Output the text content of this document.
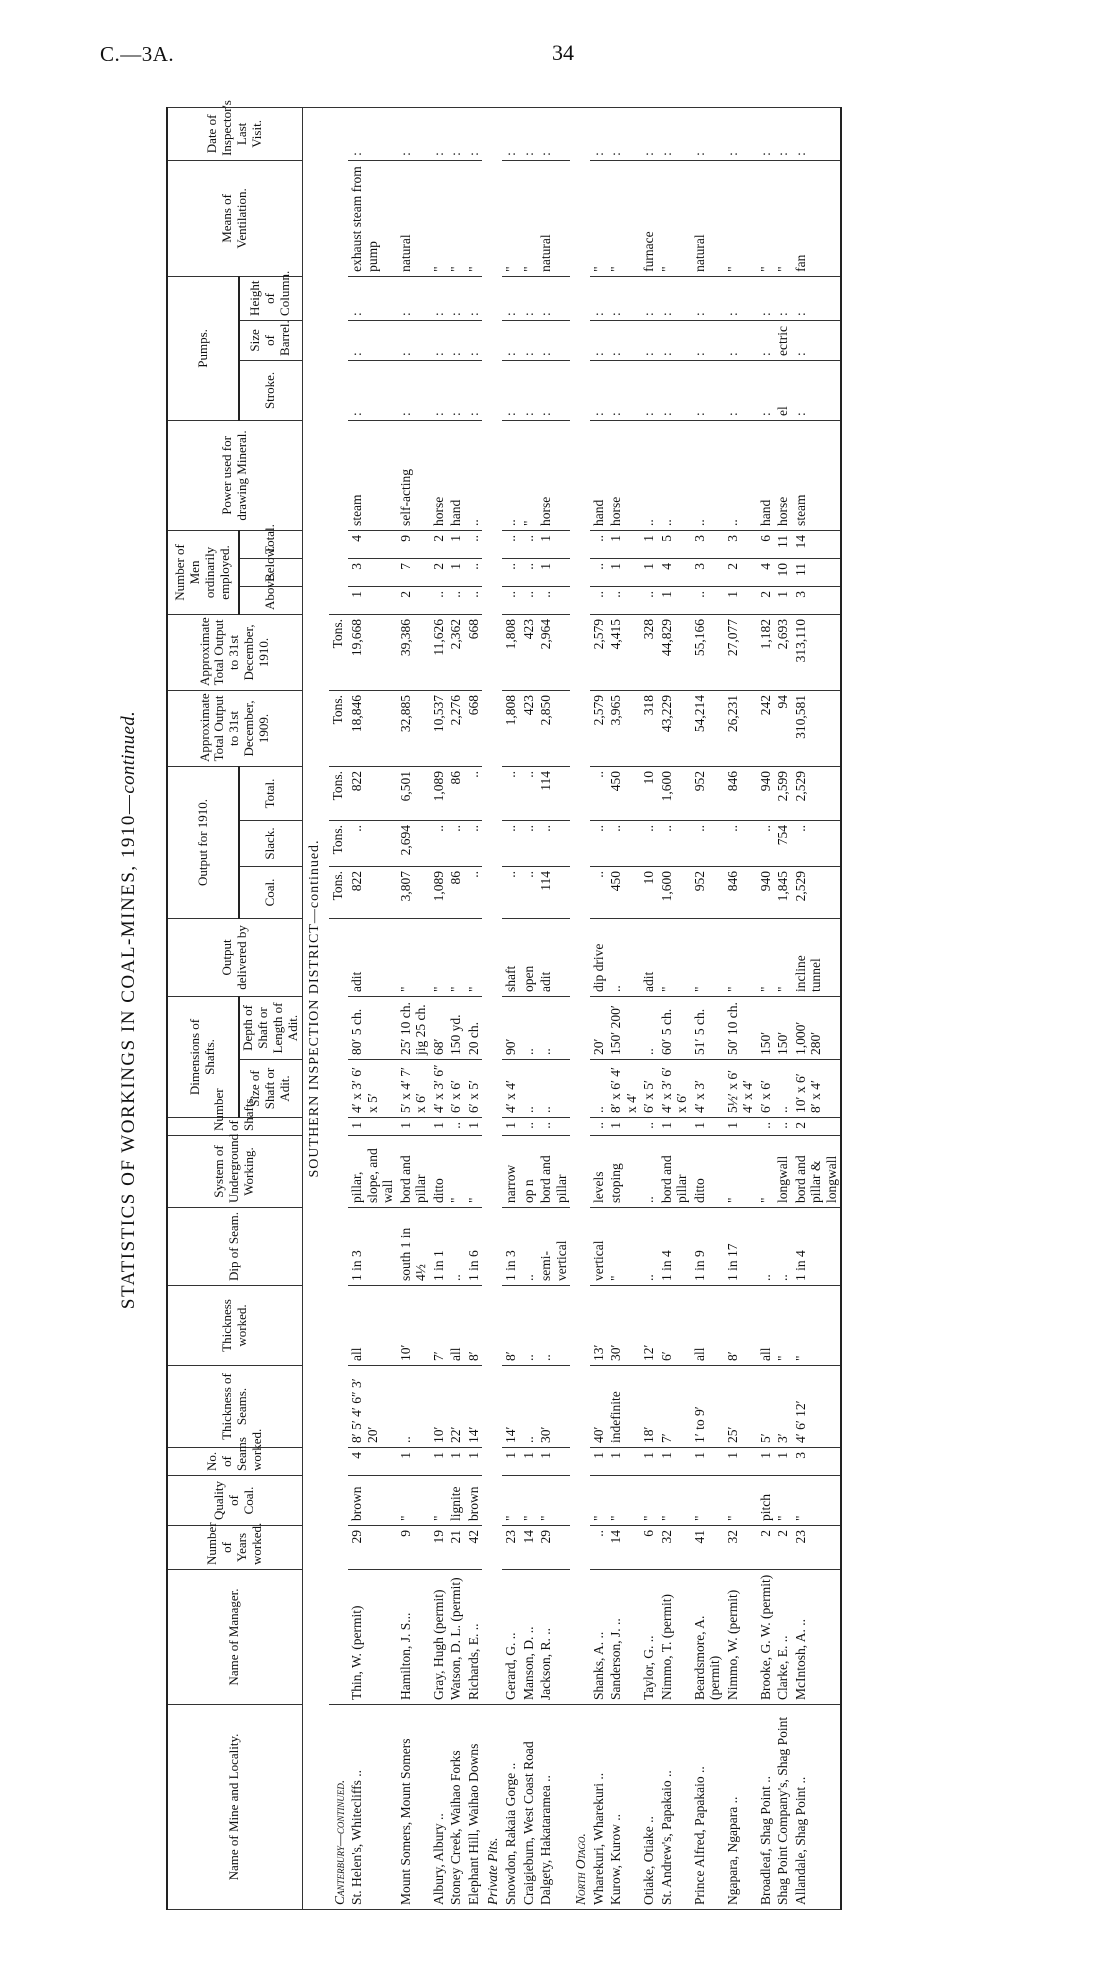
C.—3A.	34
STATISTICS OF WORKINGS IN COAL-MINES, 1910—continued.
Name of Mine and Locality.	Name of Manager.	Number of Years worked.	Quality of Coal.	No. of Seams worked.	Thickness of Seams.	Thickness worked.	Dip of Seam.	System of Underground Working.	Number of Shafts.	Dimensions of Shafts.		Output delivered by	Output for 1910.			Approximate Total Output to 31st December, 1909.	Approximate Total Output to 31st December, 1910.	Number of Men ordinarily employed.			Power used for drawing Mineral.	Pumps.			Means of Ventilation.	Date of Inspector's Last Visit.
										Size of Shaft or Adit.	Depth of Shaft or Length of Adit.		Coal.	Slack.	Total.			Above.	Below.	Total.		Stroke.	Size of Barrel.	Height of Column.		
SOUTHERN INSPECTION DISTRICT—continued.																										
Canterbury—continued.													Tons.	Tons.	Tons.	Tons.	Tons.									
St. Helen's, Whitecliffs ..	Thin, W. (permit)	29	brown	4	8′ 5′ 4′ 6″ 3′ 20′	all	1 in 3	pillar, slope, and wall	1	4′ x 3′ 6′ x 5′	80′ 5 ch.	adit	822	..	822	18,846	19,668	1	3	4	steam	:	:	:	exhaust steam from pump	:
Mount Somers, Mount Somers	Hamilton, J. S...	9	"	1	..	10′	south 1 in 4½	bord and pillar	1	5′ x 4′ 7′ x 6′	25′ 10 ch. jig 25 ch.	"	3,807	2,694	6,501	32,885	39,386	2	7	9	self-acting	:	:	:	natural	:
Albury, Albury ..	Gray, Hugh (permit)	19	"	1	10′	7′	1 in 1	ditto	1	4′ x 3′ 6″	68′	"	1,089	..	1,089	10,537	11,626	..	2	2	horse	:	:	:	"	:
Stoney Creek, Waihao Forks	Watson, D. L. (permit)	21	lignite	1	22′	all	..	"	..	6′ x 6′	150 yd.	"	86	..	86	2,276	2,362	..	1	1	hand	:	:	:	"	:
Elephant Hill, Waihao Downs	Richards, E. ..	42	brown	1	14′	8′	1 in 6	"	1	6′ x 5′	20 ch.	"	..	..	..	668	668	..	..	..	..	:	:	:	"	:
Private Pits.																										
Snowdon, Rakaia Gorge ..	Gerard, G. ..	23	"	1	14′	8′	1 in 3	narrow	1	4′ x 4′	90′	shaft	..	..	..	1,808	1,808	..	..	..	..	:	:	:	"	:
Craigieburn, West Coast Road	Manson, D. ..	14	"	1	..	..	..	op n	..	..	..	open	..	..	..	423	423	..	..	..	"	:	:	:	"	:
Dalgety, Hakataramea ..	Jackson, R. ..	29	"	1	30′	..	semi-vertical	bord and pillar	..	..	..	adit	114	..	114	2,850	2,964	..	1	1	horse	:	:	:	natural	:
North Otago.																										
Wharekuri, Wharekuri ..	Shanks, A. ..	..	"	1	40′	13′	vertical	levels	..	..	20′	dip drive	..	..	..	2,579	2,579	..	..	..	hand	:	:	:	"	:
Kurow, Kurow ..	Sanderson, J. ..	14	"	1	indefinite	30′	"	stoping	1	8′ x 6′ 4′ x 4′	150′ 200′	..	450	..	450	3,965	4,415	..	1	1	horse	:	:	:	"	:
Otiake, Otiake ..	Taylor, G. ..	6	"	1	18′	12′	..	..	..	6′ x 5′	..	adit	10	..	10	318	328	..	1	1	..	:	:	:	furnace	:
St. Andrew's, Papakaio ..	Nimmo, T. (permit)	32	"	1	7′	6′	1 in 4	bord and pillar	1	4′ x 3′ 6′ x 6′	60′ 5 ch.	"	1,600	..	1,600	43,229	44,829	1	4	5	..	:	:	:	"	:
Prince Alfred, Papakaio ..	Beardsmore, A. (permit)	41	"	1	1′ to 9′	all	1 in 9	ditto	1	4′ x 3′	51′ 5 ch.	"	952	..	952	54,214	55,166	..	3	3	..	:	:	:	natural	:
Ngapara, Ngapara ..	Nimmo, W. (permit)	32	"	1	25′	8′	1 in 17	"	1	5½′ x 6′ 4′ x 4′	50′ 10 ch.	"	846	..	846	26,231	27,077	1	2	3	..	:	:	:	"	:
Broadleaf, Shag Point ..	Brooke, G. W. (permit)	2	pitch	1	5′	all	..	"	..	6′ x 6′	150′	"	940	..	940	242	1,182	2	4	6	hand	:	:	:	"	:
Shag Point Company's, Shag Point	Clarke, E. ..	2	"	1	3′	"	..	longwall	..	..	150′	"	1,845	754	2,599	94	2,693	1	10	11	horse	el	ectric	:	"	:
Allandale, Shag Point ..	McIntosh, A. ..	23	"	3	4′ 6′ 12′	"	1 in 4	bord and pillar & longwall	2	10′ x 6′ 8′ x 4′	1,000′ 280′	incline tunnel	2,529	..	2,529	310,581	313,110	3	11	14	steam	:	:	:	fan	:
